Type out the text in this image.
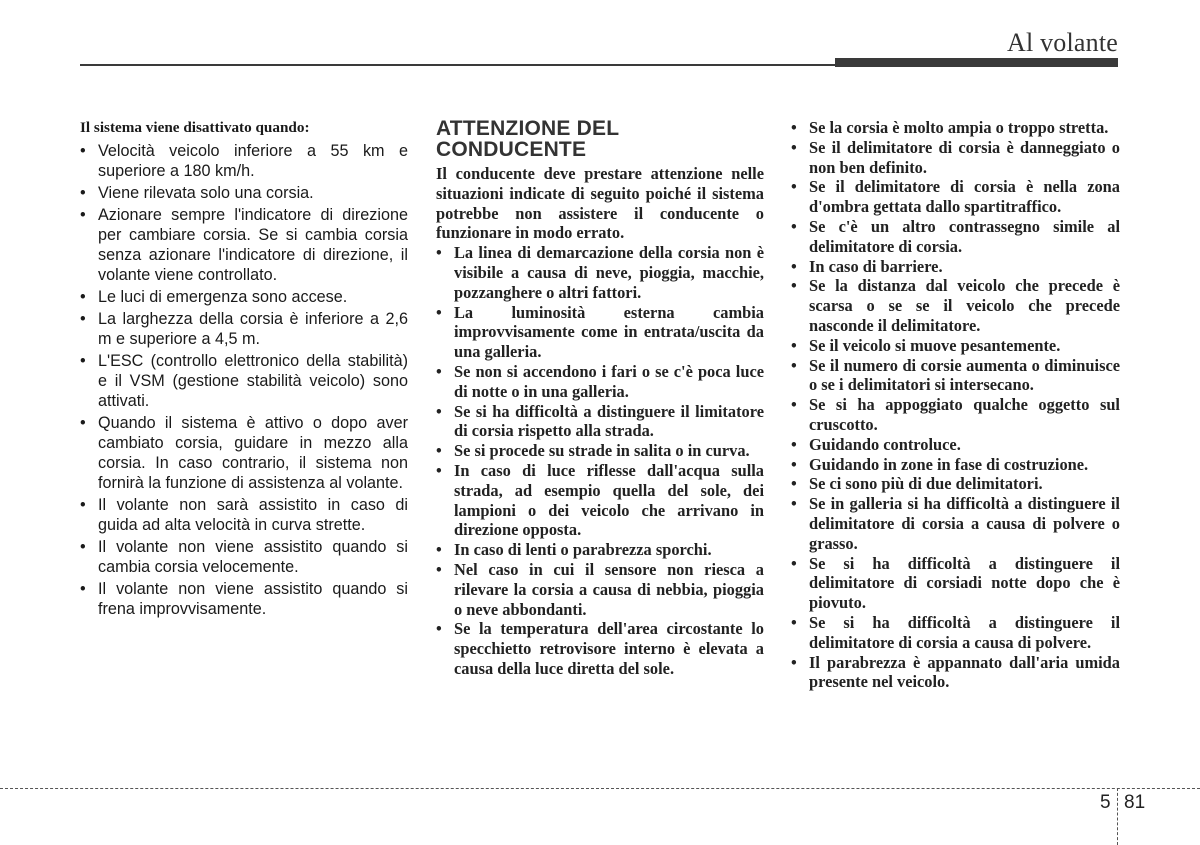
Al volante

Il sistema viene disattivato quando:

• Velocità veicolo inferiore a 55 km e superiore a 180 km/h.
• Viene rilevata solo una corsia.
• Azionare sempre l'indicatore di direzione per cambiare corsia. Se si cambia corsia senza azionare l'indicatore di direzione, il volante viene controllato.
• Le luci di emergenza sono accese.
• La larghezza della corsia è inferiore a 2,6 m e superiore a 4,5 m.
• L'ESC (controllo elettronico della stabilità) e il VSM (gestione stabilità veicolo) sono attivati.
• Quando il sistema è attivo o dopo aver cambiato corsia, guidare in mezzo alla corsia. In caso contrario, il sistema non fornirà la funzione di assistenza al volante.
• Il volante non sarà assistito in caso di guida ad alta velocità in curva strette.
• Il volante non viene assistito quando si cambia corsia velocemente.
• Il volante non viene assistito quando si frena improvvisamente.
ATTENZIONE DEL
CONDUCENTE

Il conducente deve prestare attenzione nelle situazioni indicate di seguito poiché il sistema potrebbe non assistere il conducente o funzionare in modo errato.

• La linea di demarcazione della corsia non è visibile a causa di neve, pioggia, macchie, pozzanghere o altri fattori.
• La luminosità esterna cambia improvvisamente come in entrata/uscita da una galleria.
• Se non si accendono i fari o se c'è poca luce di notte o in una galleria.
• Se si ha difficoltà a distinguere il limitatore di corsia rispetto alla strada.
• Se si procede su strade in salita o in curva.
• In caso di luce riflesse dall'acqua sulla strada, ad esempio quella del sole, dei lampioni o dei veicolo che arrivano in direzione opposta.
• In caso di lenti o parabrezza sporchi.
• Nel caso in cui il sensore non riesca a rilevare la corsia a causa di nebbia, pioggia o neve abbondanti.
• Se la temperatura dell'area circostante lo specchietto retrovisore interno è elevata a causa della luce diretta del sole.
• Se la corsia è molto ampia o troppo stretta.
• Se il delimitatore di corsia è danneggiato o non ben definito.
• Se il delimitatore di corsia è nella zona d'ombra gettata dallo spartitraffico.
• Se c'è un altro contrassegno simile al delimitatore di corsia.
• In caso di barriere.
• Se la distanza dal veicolo che precede è scarsa o se se il veicolo che precede nasconde il delimitatore.
• Se il veicolo si muove pesantemente.
• Se il numero di corsie aumenta o diminuisce o se i delimitatori si intersecano.
• Se si ha appoggiato qualche oggetto sul cruscotto.
• Guidando controluce.
• Guidando in zone in fase di costruzione.
• Se ci sono più di due delimitatori.
• Se in galleria si ha difficoltà a distinguere il delimitatore di corsia a causa di polvere o grasso.
• Se si ha difficoltà a distinguere il delimitatore di corsiadi notte dopo che è piovuto.
• Se si ha difficoltà a distinguere il delimitatore di corsia a causa di polvere.
• Il parabrezza è appannato dall'aria umida presente nel veicolo.
5 81
